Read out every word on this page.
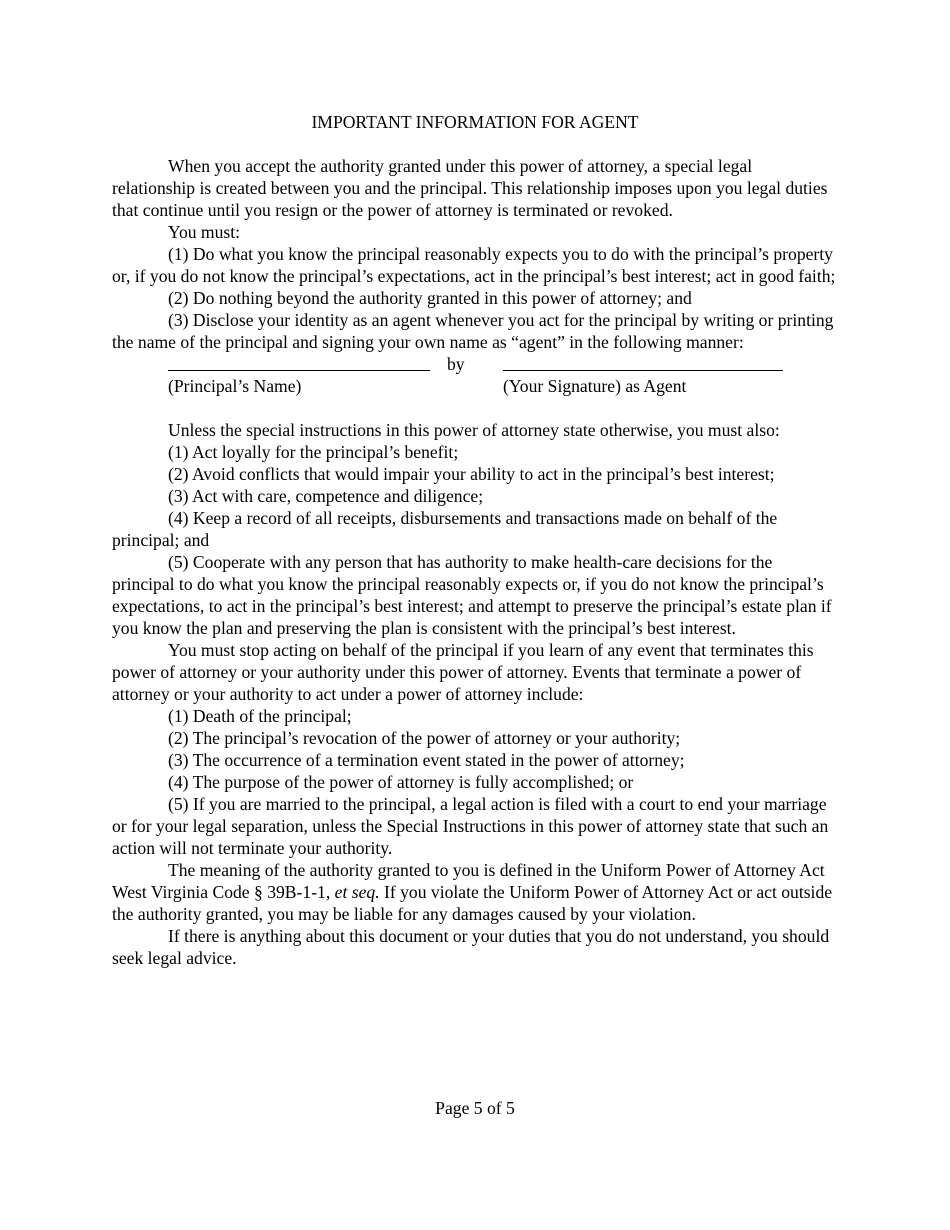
IMPORTANT INFORMATION FOR AGENT

When you accept the authority granted under this power of attorney, a special legal relationship is created between you and the principal. This relationship imposes upon you legal duties that continue until you resign or the power of attorney is terminated or revoked.

You must:

(1) Do what you know the principal reasonably expects you to do with the principal’s property or, if you do not know the principal’s expectations, act in the principal’s best interest; act in good faith;

(2) Do nothing beyond the authority granted in this power of attorney; and

(3) Disclose your identity as an agent whenever you act for the principal by writing or printing the name of the principal and signing your own name as “agent” in the following manner:

by
(Principal’s Name)	(Your Signature) as Agent

Unless the special instructions in this power of attorney state otherwise, you must also:

(1) Act loyally for the principal’s benefit;

(2) Avoid conflicts that would impair your ability to act in the principal’s best interest;

(3) Act with care, competence and diligence;

(4) Keep a record of all receipts, disbursements and transactions made on behalf of the principal; and

(5) Cooperate with any person that has authority to make health-care decisions for the principal to do what you know the principal reasonably expects or, if you do not know the principal’s expectations, to act in the principal’s best interest; and attempt to preserve the principal’s estate plan if you know the plan and preserving the plan is consistent with the principal’s best interest.

You must stop acting on behalf of the principal if you learn of any event that terminates this power of attorney or your authority under this power of attorney. Events that terminate a power of attorney or your authority to act under a power of attorney include:

(1) Death of the principal;

(2) The principal’s revocation of the power of attorney or your authority;

(3) The occurrence of a termination event stated in the power of attorney;

(4) The purpose of the power of attorney is fully accomplished; or

(5) If you are married to the principal, a legal action is filed with a court to end your marriage or for your legal separation, unless the Special Instructions in this power of attorney state that such an action will not terminate your authority.

The meaning of the authority granted to you is defined in the Uniform Power of Attorney Act West Virginia Code § 39B-1-1, et seq. If you violate the Uniform Power of Attorney Act or act outside the authority granted, you may be liable for any damages caused by your violation.

If there is anything about this document or your duties that you do not understand, you should seek legal advice.

Page 5 of 5
